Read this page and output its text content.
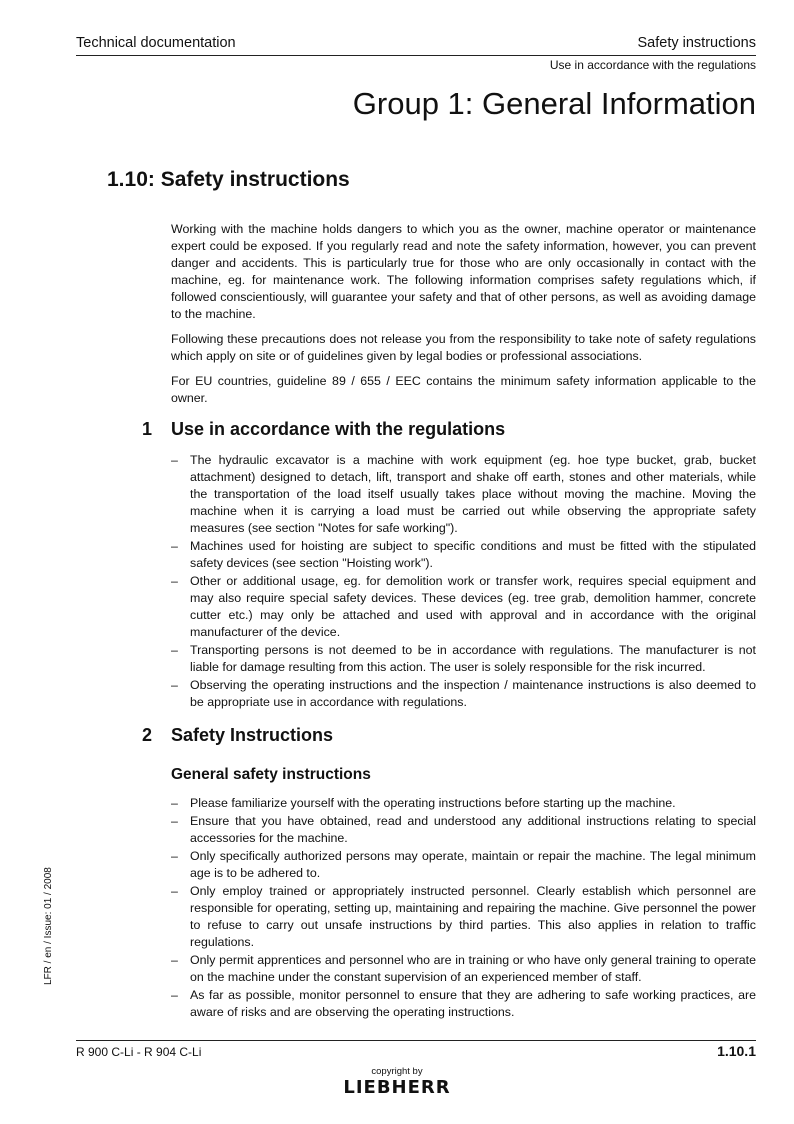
Technical documentation	Safety instructions
Use in accordance with the regulations
Group 1: General Information
1.10: Safety instructions

Working with the machine holds dangers to which you as the owner, machine operator or maintenance expert could be exposed. If you regularly read and note the safety information, however, you can prevent danger and accidents. This is particularly true for those who are only occasionally in contact with the machine, eg. for maintenance work. The following information comprises safety regulations which, if followed conscientiously, will guarantee your safety and that of other persons, as well as avoiding damage to the machine.

Following these precautions does not release you from the responsibility to take note of safety regulations which apply on site or of guidelines given by legal bodies or professional associations.

For EU countries, guideline 89 / 655 / EEC contains the minimum safety information applicable to the owner.

1 Use in accordance with the regulations
– The hydraulic excavator is a machine with work equipment (eg. hoe type bucket, grab, bucket attachment) designed to detach, lift, transport and shake off earth, stones and other materials, while the transportation of the load itself usually takes place without moving the machine. Moving the machine when it is carrying a load must be carried out while observing the appropriate safety measures (see section "Notes for safe working").
– Machines used for hoisting are subject to specific conditions and must be fitted with the stipulated safety devices (see section "Hoisting work").
– Other or additional usage, eg. for demolition work or transfer work, requires special equipment and may also require special safety devices. These devices (eg. tree grab, demolition hammer, concrete cutter etc.) may only be attached and used with approval and in accordance with the original manufacturer of the device.
– Transporting persons is not deemed to be in accordance with regulations. The manufacturer is not liable for damage resulting from this action. The user is solely responsible for the risk incurred.
– Observing the operating instructions and the inspection / maintenance instructions is also deemed to be appropriate use in accordance with regulations.
2 Safety Instructions
General safety instructions
– Please familiarize yourself with the operating instructions before starting up the machine.
– Ensure that you have obtained, read and understood any additional instructions relating to special accessories for the machine.
– Only specifically authorized persons may operate, maintain or repair the machine. The legal minimum age is to be adhered to.
– Only employ trained or appropriately instructed personnel. Clearly establish which personnel are responsible for operating, setting up, maintaining and repairing the machine. Give personnel the power to refuse to carry out unsafe instructions by third parties. This also applies in relation to traffic regulations.
– Only permit apprentices and personnel who are in training or who have only general training to operate on the machine under the constant supervision of an experienced member of staff.
– As far as possible, monitor personnel to ensure that they are adhering to safe working practices, are aware of risks and are observing the operating instructions.
LFR / en / Issue: 01 / 2008
R 900 C-Li - R 904 C-Li	1.10.1
copyright by
LIEBHERR
